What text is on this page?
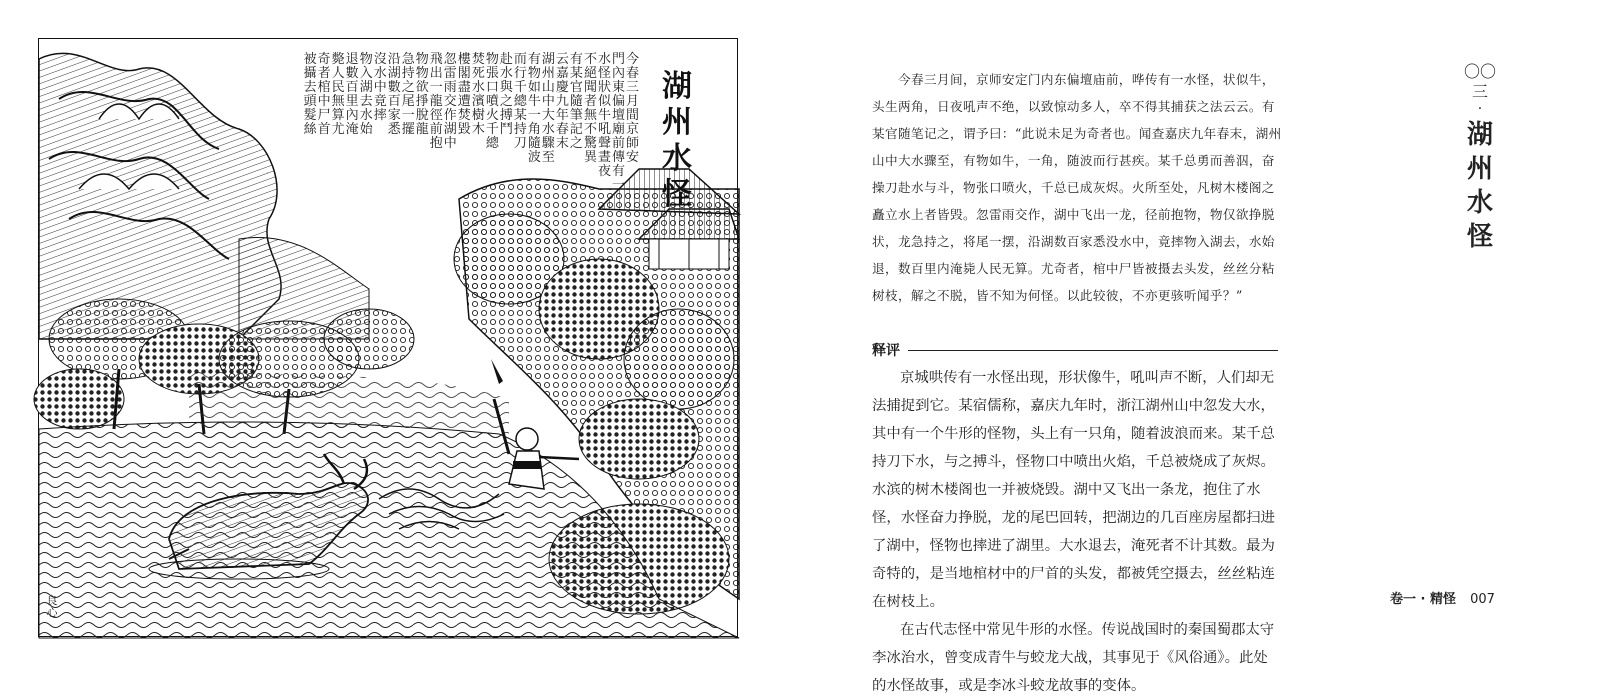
湖
州
水
怪
今春三月間京師安
門內東偏壇廟前傳有一
水怪狀似牛吼聲晝夜
不絕聞者無不驚異
有某官隨筆記之
云嘉慶九年春末
湖州山中大水驟至
有物如牛一角隨波
而行千總某持刀
赴水與之搏鬥
物張口噴火千總
焚死水濱樹木
樓閣盡遭焚毀
忽雷雨交作湖中
飛出一龍徑前抱
物物欲掙脫龍
急持之尾一擺
沿湖數百家悉
沒水中竟摔
物入湖去水始
退數百里內淹
斃人民無算尤
奇者棺中尸首
被攝去頭髮絲
良心
今春三月间，京师安定门内东偏壇庙前，哗传有一水怪，状似牛，头生两角，日夜吼声不绝，以致惊动多人，卒不得其捕获之法云云。有某官随笔记之，谓予曰：“此说未足为奇者也。闻查嘉庆九年春末，湖州山中大水骤至，有物如牛，一角，随波而行甚疾。某千总勇而善泅，奋操刀赴水与斗，物张口喷火，千总已成灰烬。火所至处，凡树木楼阁之矗立水上者皆毁。忽雷雨交作，湖中飞出一龙，径前抱物，物仅欲挣脱状，龙急持之，将尾一摆，沿湖数百家悉没水中，竟摔物入湖去，水始退，数百里内淹毙人民无算。尤奇者，棺中尸皆被摄去头发，丝丝分粘树枝，解之不脱，皆不知为何怪。以此较彼，不亦更骇听闻乎？”
释评

京城哄传有一水怪出现，形状像牛，吼叫声不断，人们却无法捕捉到它。某宿儒称，嘉庆九年时，浙江湖州山中忽发大水，其中有一个牛形的怪物，头上有一只角，随着波浪而来。某千总持刀下水，与之搏斗，怪物口中喷出火焰，千总被烧成了灰烬。水滨的树木楼阁也一并被烧毁。湖中又飞出一条龙，抱住了水怪，水怪奋力挣脱，龙的尾巴回转，把湖边的几百座房屋都扫进了湖中，怪物也摔进了湖里。大水退去，淹死者不计其数。最为奇特的，是当地棺材中的尸首的头发，都被凭空摄去，丝丝粘连在树枝上。

在古代志怪中常见牛形的水怪。传说战国时的秦国蜀郡太守李冰治水，曾变成青牛与蛟龙大战，其事见于《风俗通》。此处的水怪故事，或是李冰斗蛟龙故事的变体。

〇〇三
·
湖
州
水
怪
卷一 · 精怪 007
